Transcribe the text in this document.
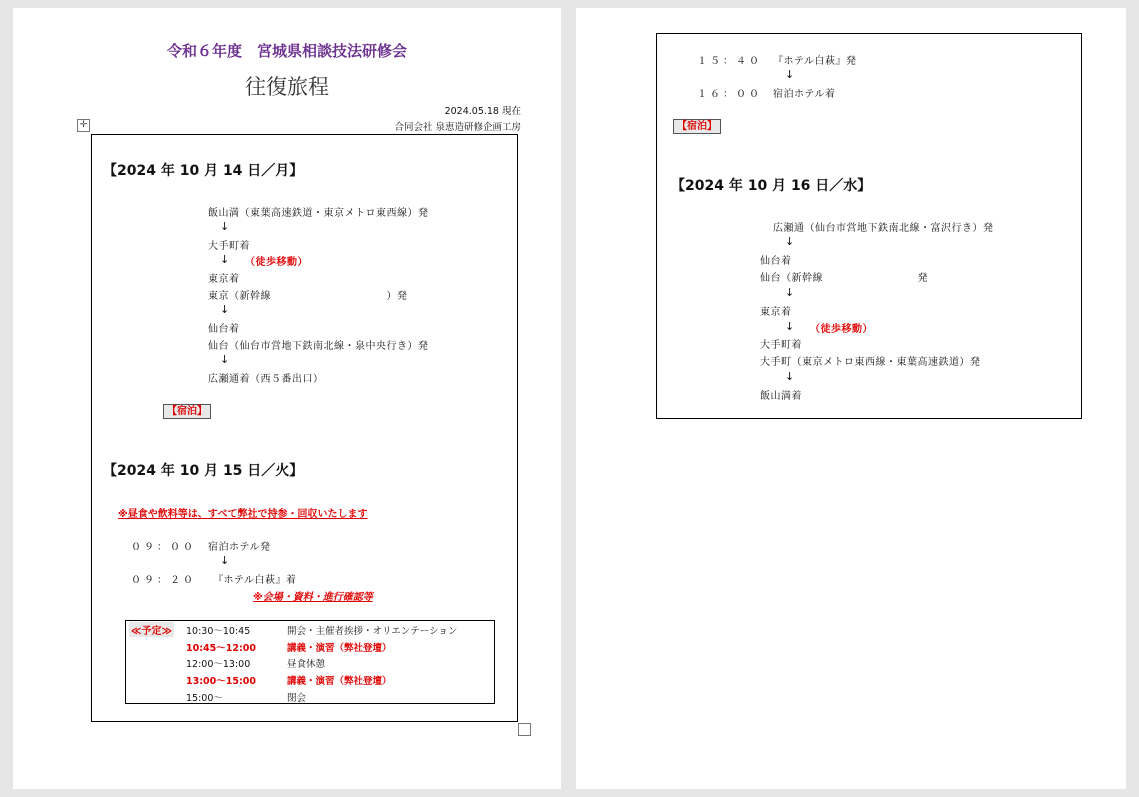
令和６年度　宮城県相談技法研修会
往復旅程
2024.05.18 現在
合同会社 泉恵造研修企画工房
✛
【2024 年 10 月 14 日／月】
飯山満（東葉高速鉄道・東京メトロ東西線）発
↓
大手町着
↓ （徒歩移動）
東京着
東京（新幹線　　　　　　　　　　　）発
↓
仙台着
仙台（仙台市営地下鉄南北線・泉中央行き）発
↓
広瀬通着（西５番出口）
【宿泊】
【2024 年 10 月 15 日／火】
※昼食や飲料等は、すべて弊社で持参・回収いたします
０９：００ 宿泊ホテル発
↓
０９：２０ 『ホテル白萩』着
※会場・資料・進行確認等
≪予定≫ 10:30～10:45	開会・主催者挨拶・オリエンテーション
10:45～12:00	講義・演習（弊社登壇）
12:00～13:00	昼食休憩
13:00～15:00	講義・演習（弊社登壇）
15:00～	閉会
１５：４０ 『ホテル白萩』発
↓
１６：００ 宿泊ホテル着
【宿泊】
【2024 年 10 月 16 日／水】
広瀬通（仙台市営地下鉄南北線・富沢行き）発
↓
仙台着
仙台（新幹線　　　　　　　　　発
↓
東京着
↓ （徒歩移動）
大手町着
大手町（東京メトロ東西線・東葉高速鉄道）発
↓
飯山満着
